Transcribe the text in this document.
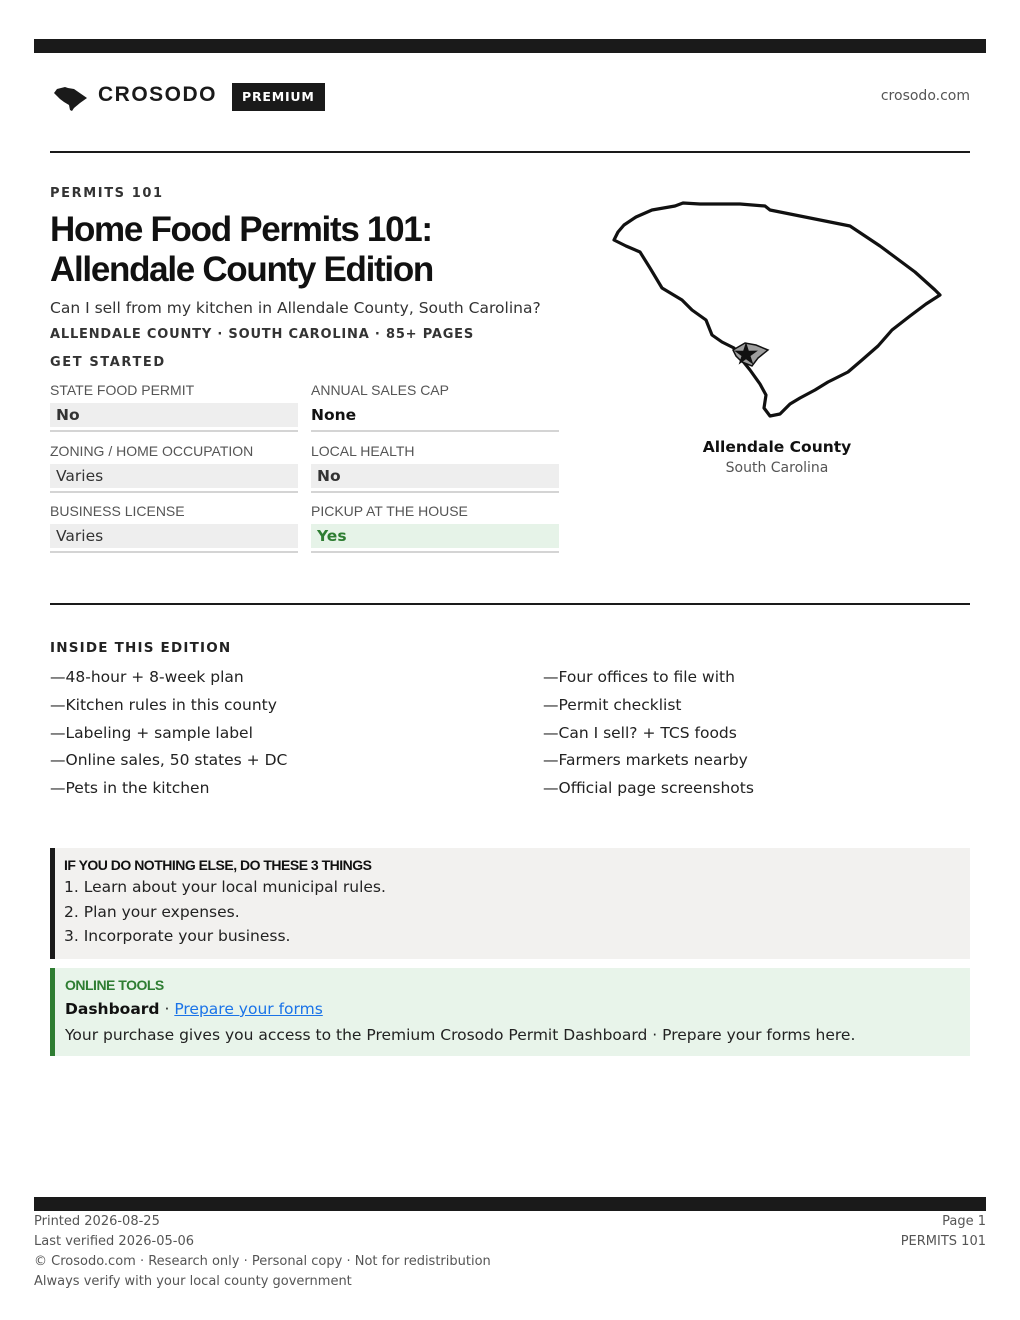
CROSODO	PREMIUM	crosodo.com
PERMITS 101
Home Food Permits 101:
Allendale County Edition
Can I sell from my kitchen in Allendale County, South Carolina?
ALLENDALE COUNTY · SOUTH CAROLINA · 85+ PAGES
GET STARTED
STATE FOOD PERMIT
No
ANNUAL SALES CAP
None
ZONING / HOME OCCUPATION
Varies
LOCAL HEALTH
No
BUSINESS LICENSE
Varies
PICKUP AT THE HOUSE
Yes
Allendale County
South Carolina
INSIDE THIS EDITION
—48-hour + 8-week plan
—Kitchen rules in this county
—Labeling + sample label
—Online sales, 50 states + DC
—Pets in the kitchen
—Four offices to file with
—Permit checklist
—Can I sell? + TCS foods
—Farmers markets nearby
—Official page screenshots
IF YOU DO NOTHING ELSE, DO THESE 3 THINGS
1. Learn about your local municipal rules.
2. Plan your expenses.
3. Incorporate your business.
ONLINE TOOLS
Dashboard · Prepare your forms
Your purchase gives you access to the Premium Crosodo Permit Dashboard · Prepare your forms here.
Printed 2026-08-25
Last verified 2026-05-06
© Crosodo.com · Research only · Personal copy · Not for redistribution
Always verify with your local county government
Page 1
PERMITS 101
